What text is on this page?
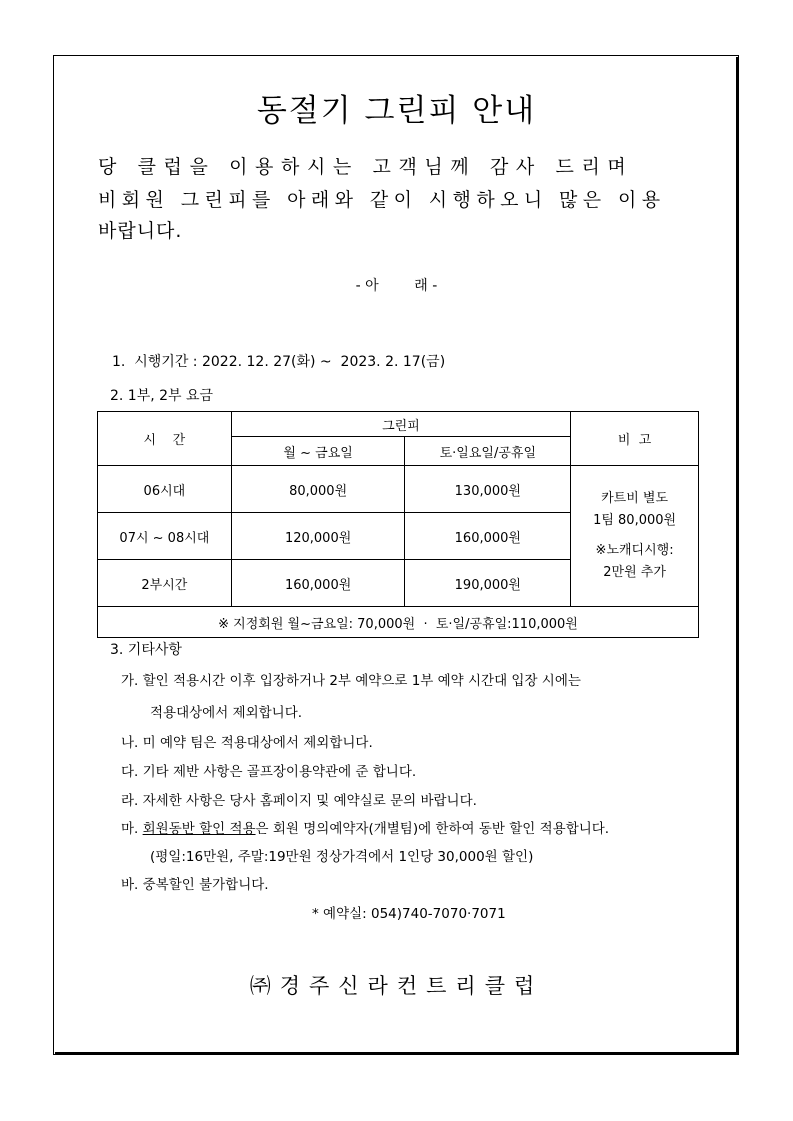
동절기 그린피 안내
당 클럽을 이용하시는 고객님께 감사 드리며
비회원 그린피를 아래와 같이 시행하오니 많은 이용
바랍니다.
- 아        래 -
1.  시행기간 : 2022. 12. 27(화) ~  2023. 2. 17(금)
2. 1부, 2부 요금
시    간	그린피		비  고
	월 ~ 금요일	토·일요일/공휴일	
06시대	80,000원	130,000원	카트비 별도
1팀 80,000원
※노캐디시행:
2만원 추가

07시 ~ 08시대	120,000원	160,000원	
2부시간	160,000원	190,000원	
※ 지정회원 월~금요일: 70,000원  ·  토·일/공휴일:110,000원			
3. 기타사항
가. 할인 적용시간 이후 입장하거나 2부 예약으로 1부 예약 시간대 입장 시에는
적용대상에서 제외합니다.
나. 미 예약 팀은 적용대상에서 제외합니다.
다. 기타 제반 사항은 골프장이용약관에 준 합니다.
라. 자세한 사항은 당사 홈페이지 및 예약실로 문의 바랍니다.
마. 회원동반 할인 적용은 회원 명의예약자(개별팀)에 한하여 동반 할인 적용합니다.
(평일:16만원, 주말:19만원 정상가격에서 1인당 30,000원 할인)
바. 중복할인 불가합니다.
* 예약실: 054)740-7070·7071
㈜경주신라컨트리클럽
